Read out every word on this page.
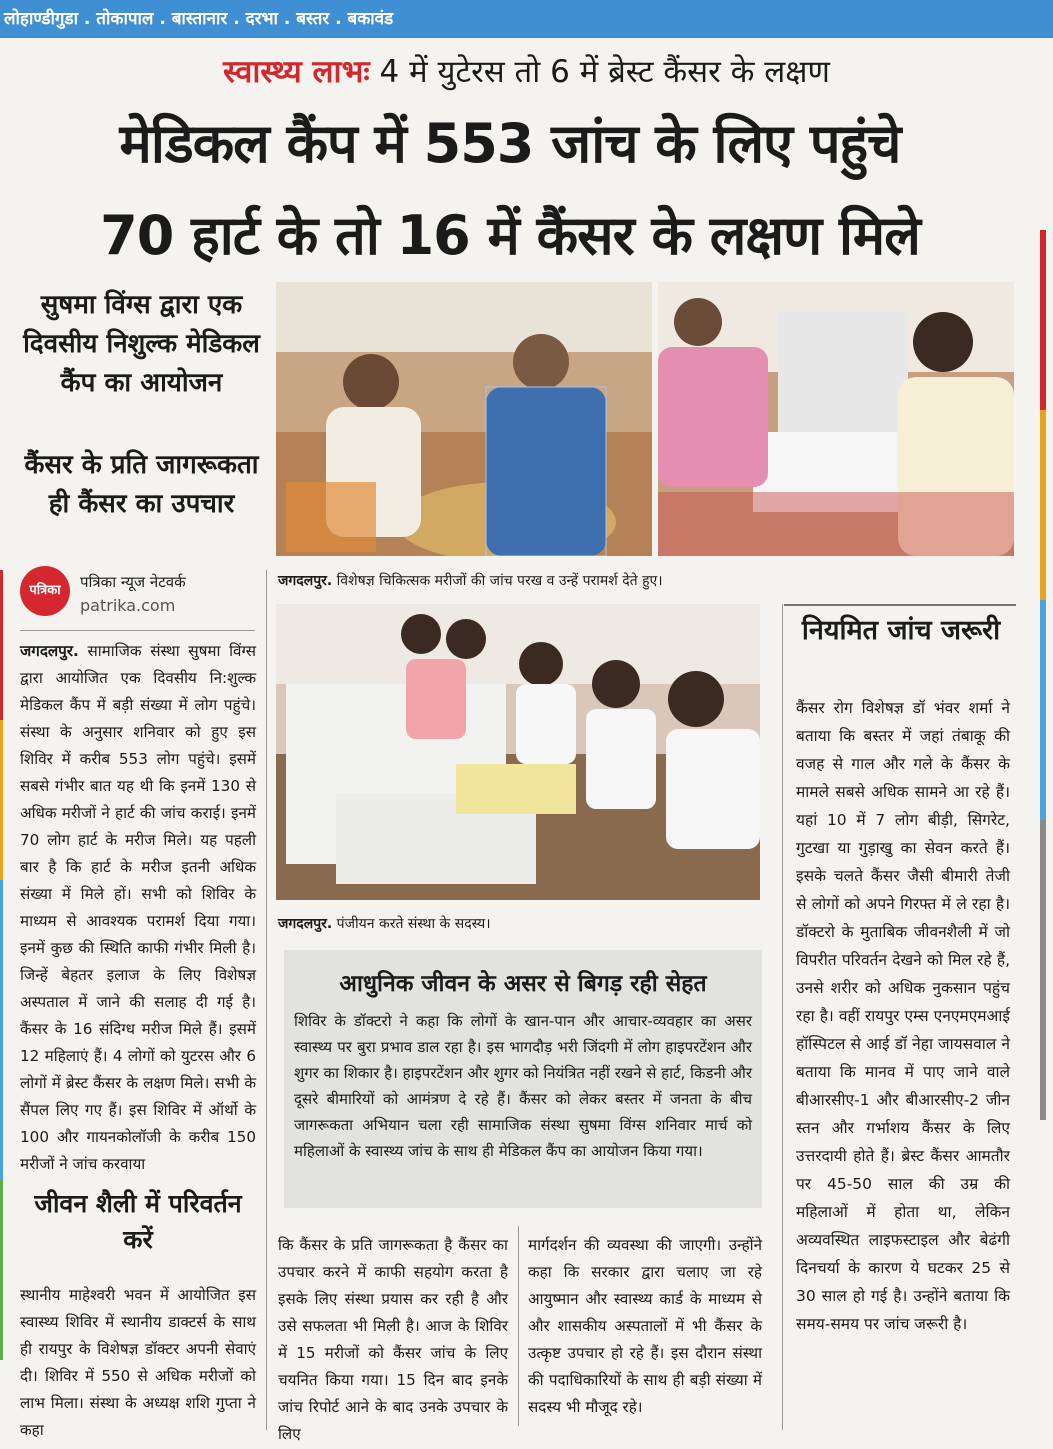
लोहाण्डीगुडा . तोकापाल . बास्तानार . दरभा . बस्तर . बकावंड
स्वास्थ्य लाभः 4 में युटेरस तो 6 में ब्रेस्ट कैंसर के लक्षण
मेडिकल कैंप में 553 जांच के लिए पहुंचे
70 हार्ट के तो 16 में कैंसर के लक्षण मिले
सुषमा विंग्स द्वारा एक दिवसीय निशुल्क मेडिकल कैंप का आयोजन
कैंसर के प्रति जागरूकता ही कैंसर का उपचार
पत्रिका	पत्रिका न्यूज नेटवर्क
patrika.com
जगदलपुर. विशेषज्ञ चिकित्सक मरीजों की जांच परख व उन्हें परामर्श देते हुए।
जगदलपुर. पंजीयन करते संस्था के सदस्य।
जगदलपुर. सामाजिक संस्था सुषमा विंग्स द्वारा आयोजित एक दिवसीय नि:शुल्क मेडिकल कैंप में बड़ी संख्या में लोग पहुंचे। संस्था के अनुसार शनिवार को हुए इस शिविर में करीब 553 लोग पहुंचे। इसमें सबसे गंभीर बात यह थी कि इनमें 130 से अधिक मरीजों ने हार्ट की जांच कराई। इनमें 70 लोग हार्ट के मरीज मिले। यह पहली बार है कि हार्ट के मरीज इतनी अधिक संख्या में मिले हों। सभी को शिविर के माध्यम से आवश्यक परामर्श दिया गया। इनमें कुछ की स्थिति काफी गंभीर मिली है। जिन्हें बेहतर इलाज के लिए विशेषज्ञ अस्पताल में जाने की सलाह दी गई है। कैंसर के 16 संदिग्ध मरीज मिले हैं। इसमें 12 महिलाएं हैं। 4 लोगों को युटरस और 6 लोगों में ब्रेस्ट कैंसर के लक्षण मिले। सभी के सैंपल लिए गए हैं। इस शिविर में ऑर्थो के 100 और गायनकोलॉजी के करीब 150 मरीजों ने जांच करवाया
जीवन शैली में परिवर्तन करें
स्थानीय माहेश्वरी भवन में आयोजित इस स्वास्थ्य शिविर में स्थानीय डाक्टर्स के साथ ही रायपुर के विशेषज्ञ डॉक्टर अपनी सेवाएं दी। शिविर में 550 से अधिक मरीजों को लाभ मिला। संस्था के अध्यक्ष शशि गुप्ता ने कहा
आधुनिक जीवन के असर से बिगड़ रही सेहत
शिविर के डॉक्टरो ने कहा कि लोगों के खान-पान और आचार-व्यवहार का असर स्वास्थ्य पर बुरा प्रभाव डाल रहा है। इस भागदौड़ भरी जिंदगी में लोग हाइपरटेंशन और शुगर का शिकार है। हाइपरटेंशन और शुगर को नियंत्रित नहीं रखने से हार्ट, किडनी और दूसरे बीमारियों को आमंत्रण दे रहे हैं। कैंसर को लेकर बस्तर में जनता के बीच जागरूकता अभियान चला रही सामाजिक संस्था सुषमा विंग्स शनिवार मार्च को महिलाओं के स्वास्थ्य जांच के साथ ही मेडिकल कैंप का आयोजन किया गया।
कि कैंसर के प्रति जागरूकता है कैंसर का उपचार करने में काफी सहयोग करता है इसके लिए संस्था प्रयास कर रही है और उसे सफलता भी मिली है। आज के शिविर में 15 मरीजों को कैंसर जांच के लिए चयनित किया गया। 15 दिन बाद इनके जांच रिपोर्ट आने के बाद उनके उपचार के लिए
मार्गदर्शन की व्यवस्था की जाएगी। उन्होंने कहा कि सरकार द्वारा चलाए जा रहे आयुष्मान और स्वास्थ्य कार्ड के माध्यम से और शासकीय अस्पतालों में भी कैंसर के उत्कृष्ट उपचार हो रहे हैं। इस दौरान संस्था की पदाधिकारियों के साथ ही बड़ी संख्या में सदस्य भी मौजूद रहे।
नियमित जांच जरूरी
कैंसर रोग विशेषज्ञ डॉ भंवर शर्मा ने बताया कि बस्तर में जहां तंबाकू की वजह से गाल और गले के कैंसर के मामले सबसे अधिक सामने आ रहे हैं। यहां 10 में 7 लोग बीड़ी, सिगरेट, गुटखा या गुड़ाखु का सेवन करते हैं। इसके चलते कैंसर जैसी बीमारी तेजी से लोगों को अपने गिरफ्त में ले रहा है। डॉक्टरो के मुताबिक जीवनशैली में जो विपरीत परिवर्तन देखने को मिल रहे हैं, उनसे शरीर को अधिक नुकसान पहुंच रहा है। वहीं रायपुर एम्स एनएमएमआई हॉस्पिटल से आई डॉ नेहा जायसवाल ने बताया कि मानव में पाए जाने वाले बीआरसीए-1 और बीआरसीए-2 जीन स्तन और गर्भाशय कैंसर के लिए उत्तरदायी होते हैं। ब्रेस्ट कैंसर आमतौर पर 45-50 साल की उम्र की महिलाओं में होता था, लेकिन अव्यवस्थित लाइफस्टाइल और बेढंगी दिनचर्या के कारण ये घटकर 25 से 30 साल हो गई है। उन्होंने बताया कि समय-समय पर जांच जरूरी है।
